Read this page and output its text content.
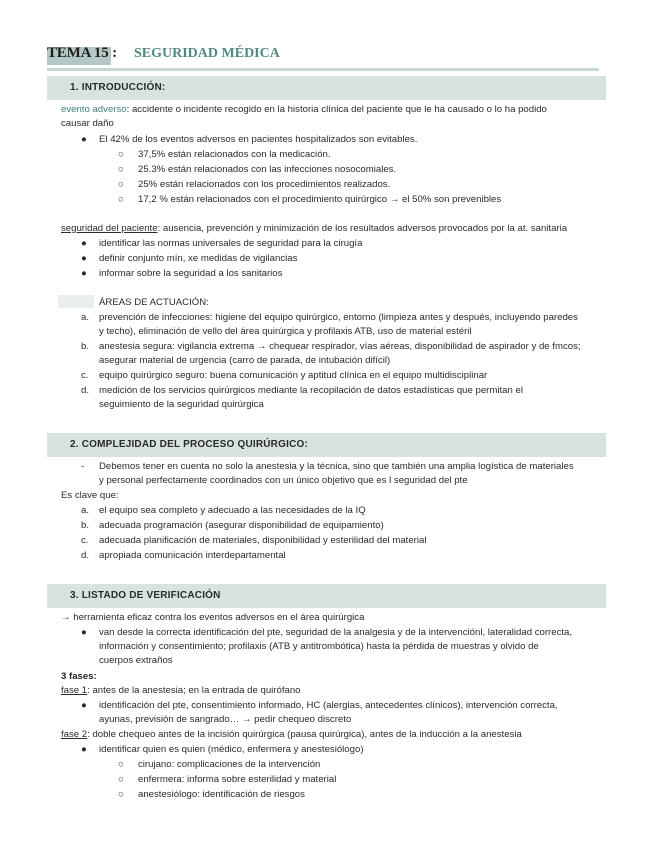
TEMA 15 : SEGURIDAD MÉDICA
1. INTRODUCCIÓN:
evento adverso: accidente o incidente recogido en la historia clínica del paciente que le ha causado o lo ha podido
causar daño
● El 42% de los eventos adversos en pacientes hospitalizados son evitables.
○ 37,5% están relacionados con la medicación.
○ 25.3% están relacionados con las infecciones nosocomiales.
○ 25% están relacionados con los procedimientos realizados.
○ 17,2 % están relacionados con el procedimiento quirúrgico → el 50% son prevenibles
seguridad del paciente: ausencia, prevención y minimización de los resultados adversos provocados por la at. sanitaria
● identificar las normas universales de seguridad para la cirugía
● definir conjunto mín, xe medidas de vigilancias
● informar sobre la seguridad a los sanitarios
ÁREAS DE ACTUACIÓN:
a. prevención de infecciones: higiene del equipo quirúrgico, entorno (limpieza antes y después, incluyendo paredes
y techo), eliminación de vello del área quirúrgica y profilaxis ATB, uso de material estéril
b. anestesia segura: vigilancia extrema → chequear respirador, vías aéreas, disponibilidad de aspirador y de fmcos;
asegurar material de urgencia (carro de parada, de intubación difícil)
c. equipo quirúrgico seguro: buena comunicación y aptitud clínica en el equipo multidisciplinar
d. medición de los servicios quirúrgicos mediante la recopilación de datos estadísticas que permitan el
seguimiento de la seguridad quirúrgica
2. COMPLEJIDAD DEL PROCESO QUIRÚRGICO:
- Debemos tener en cuenta no solo la anestesia y la técnica, sino que también una amplia logística de materiales
y personal perfectamente coordinados con un único objetivo que es l seguridad del pte
Es clave que:
a. el equipo sea completo y adecuado a las necesidades de la IQ
b. adecuada programación (asegurar disponibilidad de equipamiento)
c. adecuada planificación de materiales, disponibilidad y esterilidad del material
d. apropiada comunicación interdepartamental
3. LISTADO DE VERIFICACIÓN
→ herramienta eficaz contra los eventos adversos en el área quirúrgica
● van desde la correcta identificación del pte, seguridad de la analgesia y de la intervenciónl, lateralidad correcta,
información y consentimiento; profilaxis (ATB y antitrombótica) hasta la pérdida de muestras y olvido de
cuerpos extraños
3 fases:
fase 1: antes de la anestesia; en la entrada de quirófano
● identificación del pte, consentimiento informado, HC (alergias, antecedentes clínicos), intervención correcta,
ayunas, previsión de sangrado… → pedir chequeo discreto
fase 2: doble chequeo antes de la incisión quirúrgica (pausa quirúrgica), antes de la inducción a la anestesia
● identificar quien es quien (médico, enfermera y anestesiólogo)
○ cirujano: complicaciones de la intervención
○ enfermera: informa sobre esterilidad y material
○ anestesiólogo: identificación de riesgos
